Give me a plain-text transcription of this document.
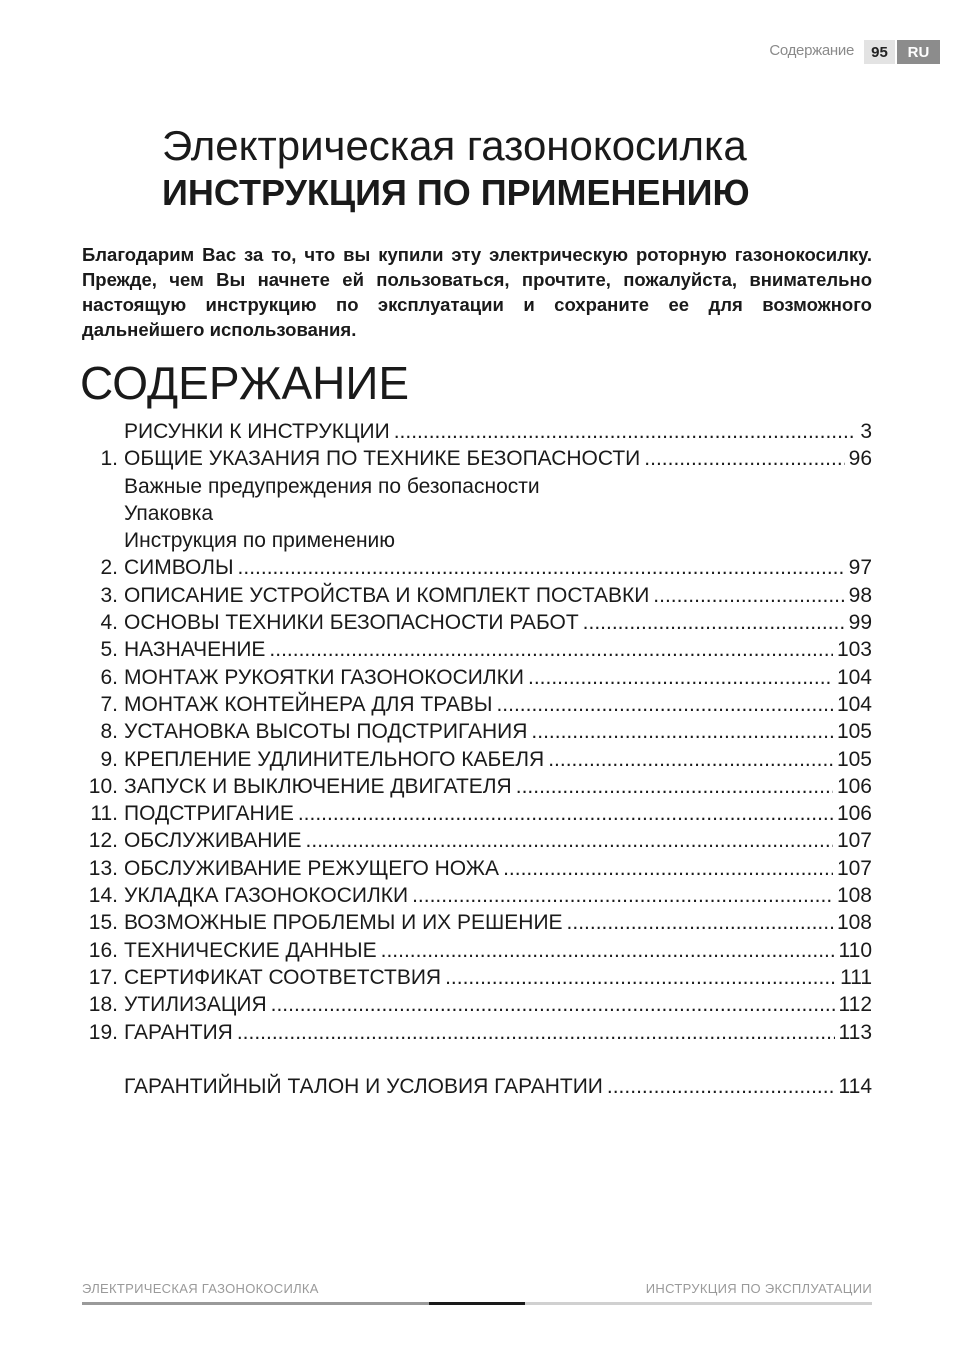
Содержание	95	RU
Электрическая газонокосилка
ИНСТРУКЦИЯ ПО ПРИМЕНЕНИЮ

Благодарим Вас за то, что вы купили эту электрическую роторную газонокосилку. Прежде, чем Вы начнете ей пользоваться, прочтите, пожалуйста, внимательно настоящую инструкцию по эксплуатации и сохраните ее для возможного дальнейшего использования.

СОДЕРЖАНИЕ
РИСУНКИ К ИНСТРУКЦИИ .....	3
1. ОБЩИЕ УКАЗАНИЯ ПО ТЕХНИКЕ БЕЗОПАСНОСТИ .....	96
Важные предупреждения по безопасности
Упаковка
Инструкция по применению
2. СИМВОЛЫ .....	97
3. ОПИСАНИЕ УСТРОЙСТВА И КОМПЛЕКТ ПОСТАВКИ .....	98
4. ОСНОВЫ ТЕХНИКИ БЕЗОПАСНОСТИ РАБОТ .....	99
5. НАЗНАЧЕНИЕ .....	103
6. МОНТАЖ РУКОЯТКИ ГАЗОНОКОСИЛКИ .....	104
7. МОНТАЖ КОНТЕЙНЕРА ДЛЯ ТРАВЫ .....	104
8. УСТАНОВКА ВЫСОТЫ ПОДСТРИГАНИЯ .....	105
9. КРЕПЛЕНИЕ УДЛИНИТЕЛЬНОГО КАБЕЛЯ .....	105
10. ЗАПУСК И ВЫКЛЮЧЕНИЕ ДВИГАТЕЛЯ .....	106
11. ПОДСТРИГАНИЕ .....	106
12. ОБСЛУЖИВАНИЕ .....	107
13. ОБСЛУЖИВАНИЕ РЕЖУЩЕГО НОЖА .....	107
14. УКЛАДКА ГАЗОНОКОСИЛКИ .....	108
15. ВОЗМОЖНЫЕ ПРОБЛЕМЫ И ИХ РЕШЕНИЕ .....	108
16. ТЕХНИЧЕСКИЕ ДАННЫЕ .....	110
17. СЕРТИФИКАТ СООТВЕТСТВИЯ .....	111
18. УТИЛИЗАЦИЯ .....	112
19. ГАРАНТИЯ .....	113
ГАРАНТИЙНЫЙ ТАЛОН И УСЛОВИЯ ГАРАНТИИ .....	114
ЭЛЕКТРИЧЕСКАЯ ГАЗОНОКОСИЛКА	ИНСТРУКЦИЯ ПО ЭКСПЛУАТАЦИИ
